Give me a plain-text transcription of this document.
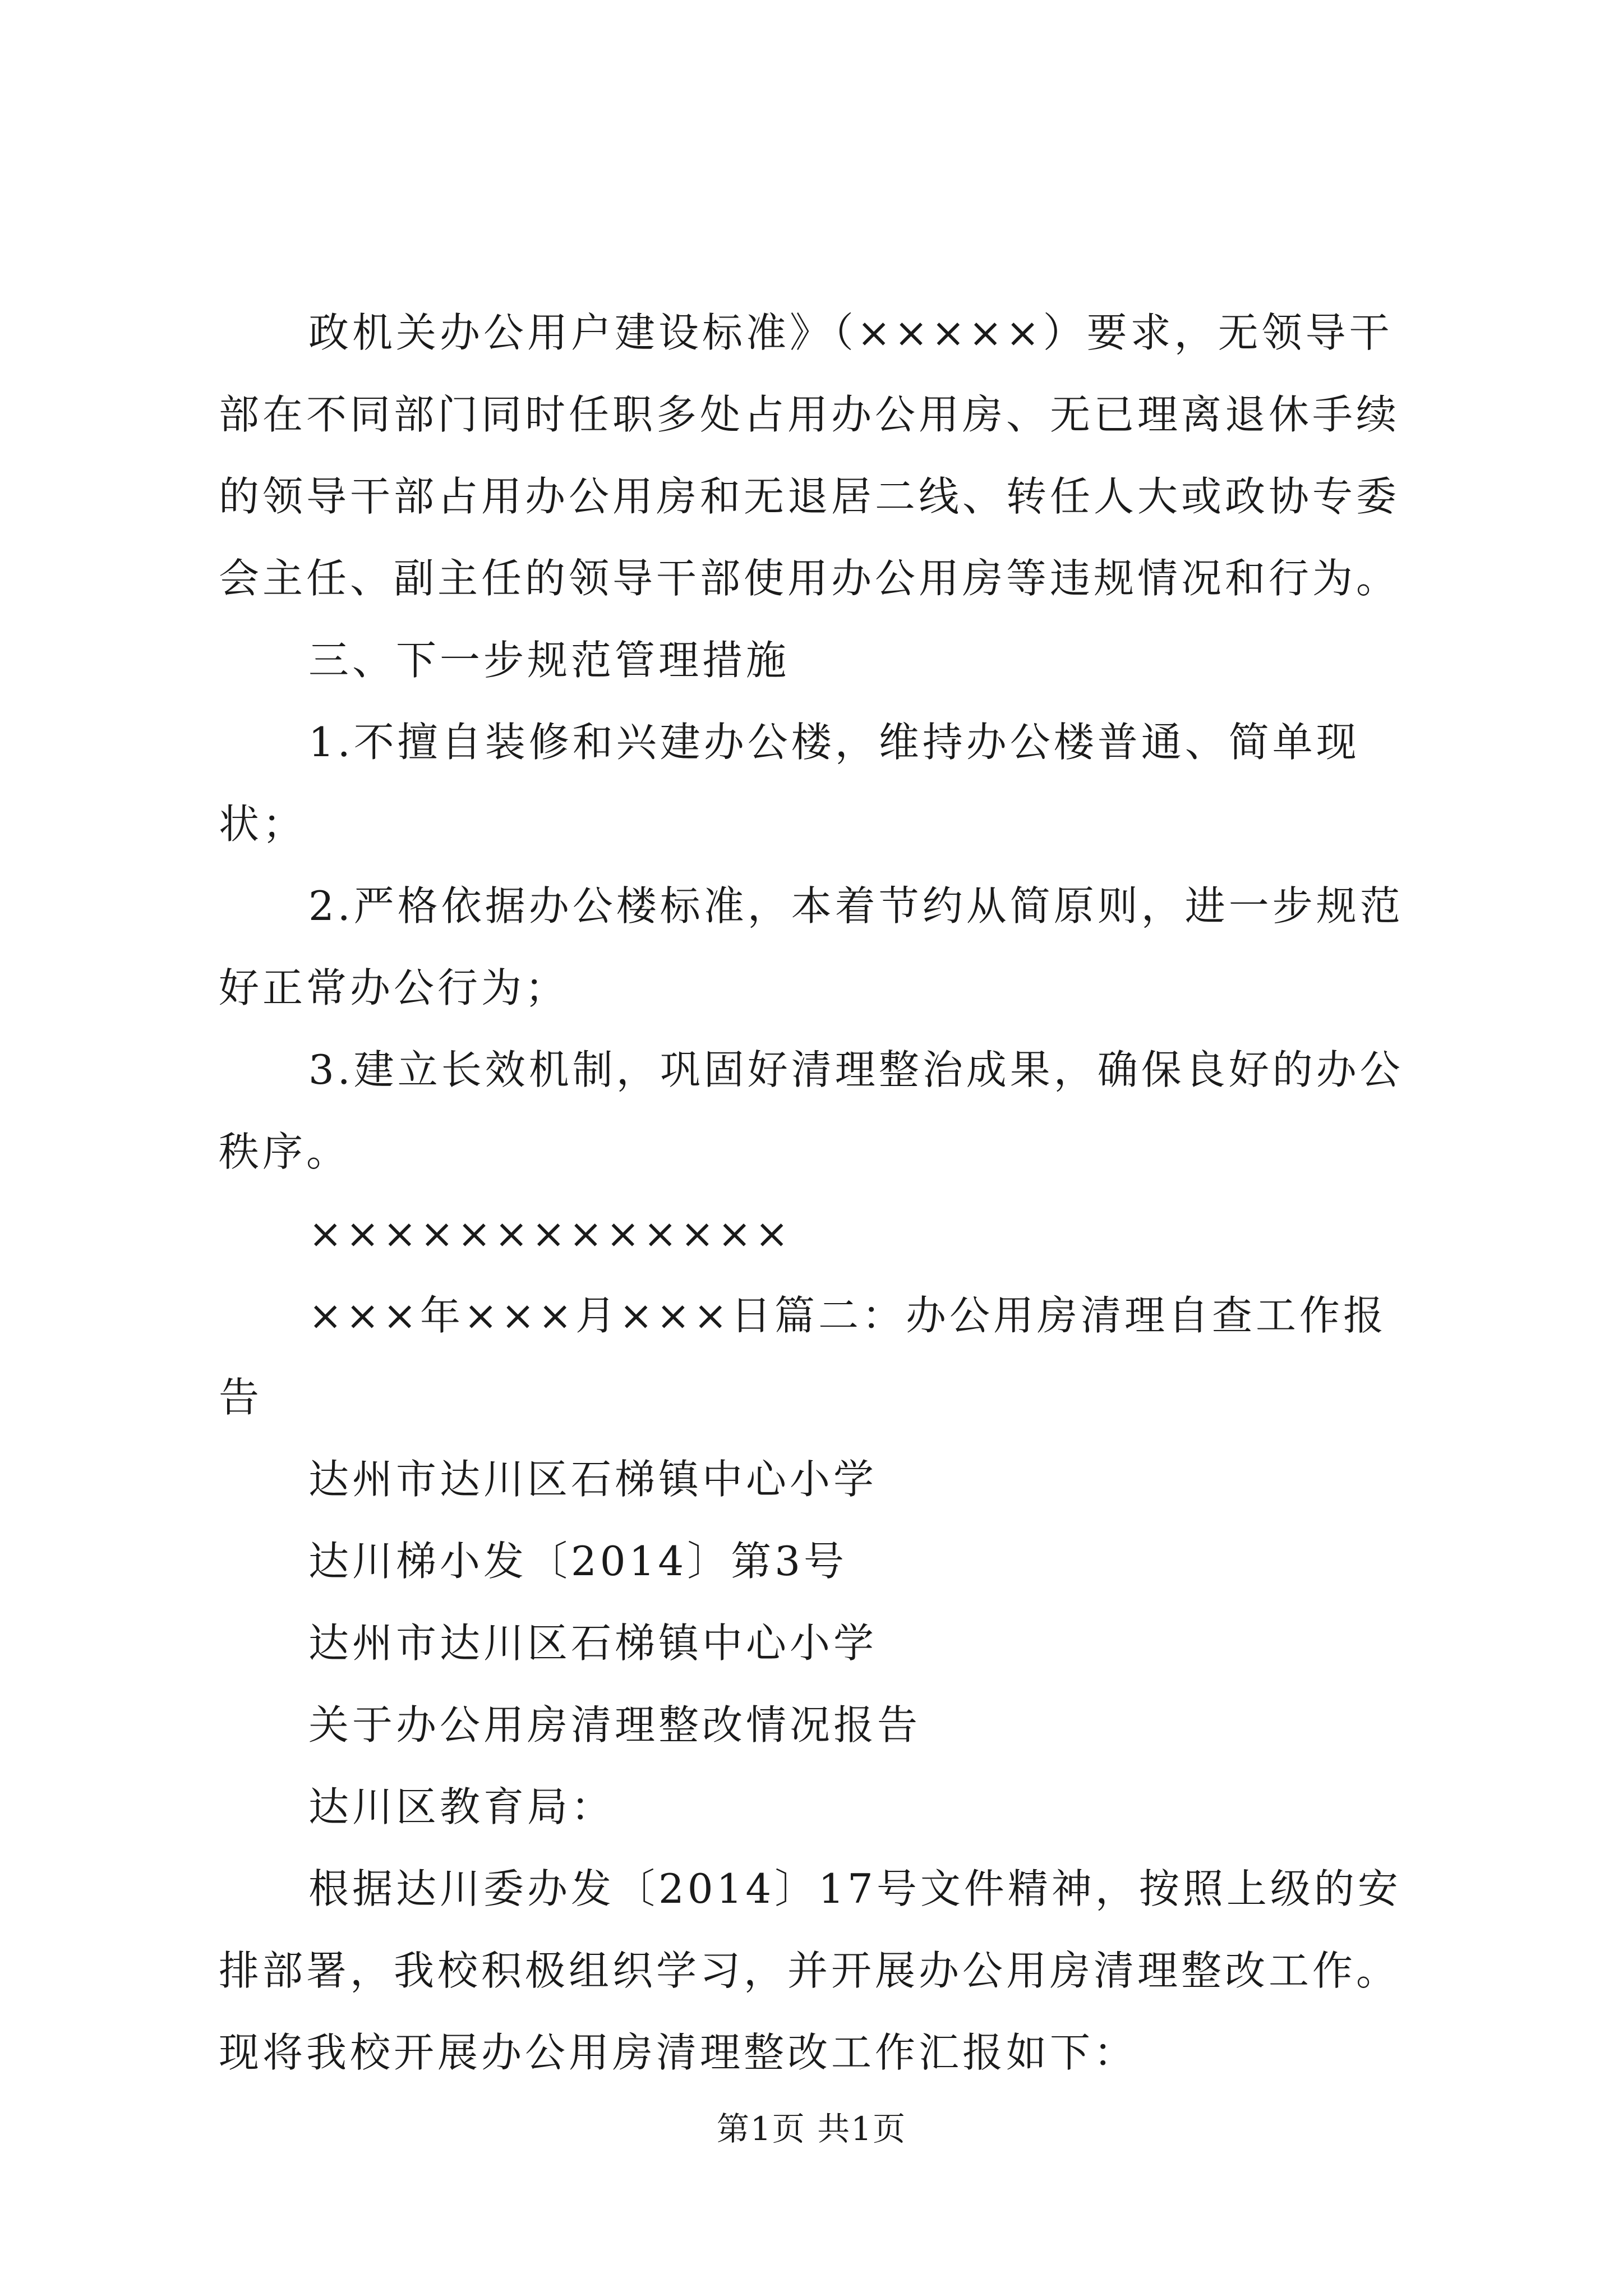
政机关办公用户建设标准》（×××××）要求，无领导干部在不同部门同时任职多处占用办公用房、无已理离退休手续的领导干部占用办公用房和无退居二线、转任人大或政协专委会主任、副主任的领导干部使用办公用房等违规情况和行为。

三、下一步规范管理措施

1.不擅自装修和兴建办公楼，维持办公楼普通、简单现状；

2.严格依据办公楼标准，本着节约从简原则，进一步规范好正常办公行为；

3.建立长效机制，巩固好清理整治成果，确保良好的办公秩序。

×××××××××××××

×××年×××月×××日篇二：办公用房清理自查工作报告

达州市达川区石梯镇中心小学

达川梯小发〔2014〕第3号

达州市达川区石梯镇中心小学

关于办公用房清理整改情况报告

达川区教育局：

根据达川委办发〔2014〕17号文件精神，按照上级的安排部署，我校积极组织学习，并开展办公用房清理整改工作。现将我校开展办公用房清理整改工作汇报如下：

第1页 共1页
